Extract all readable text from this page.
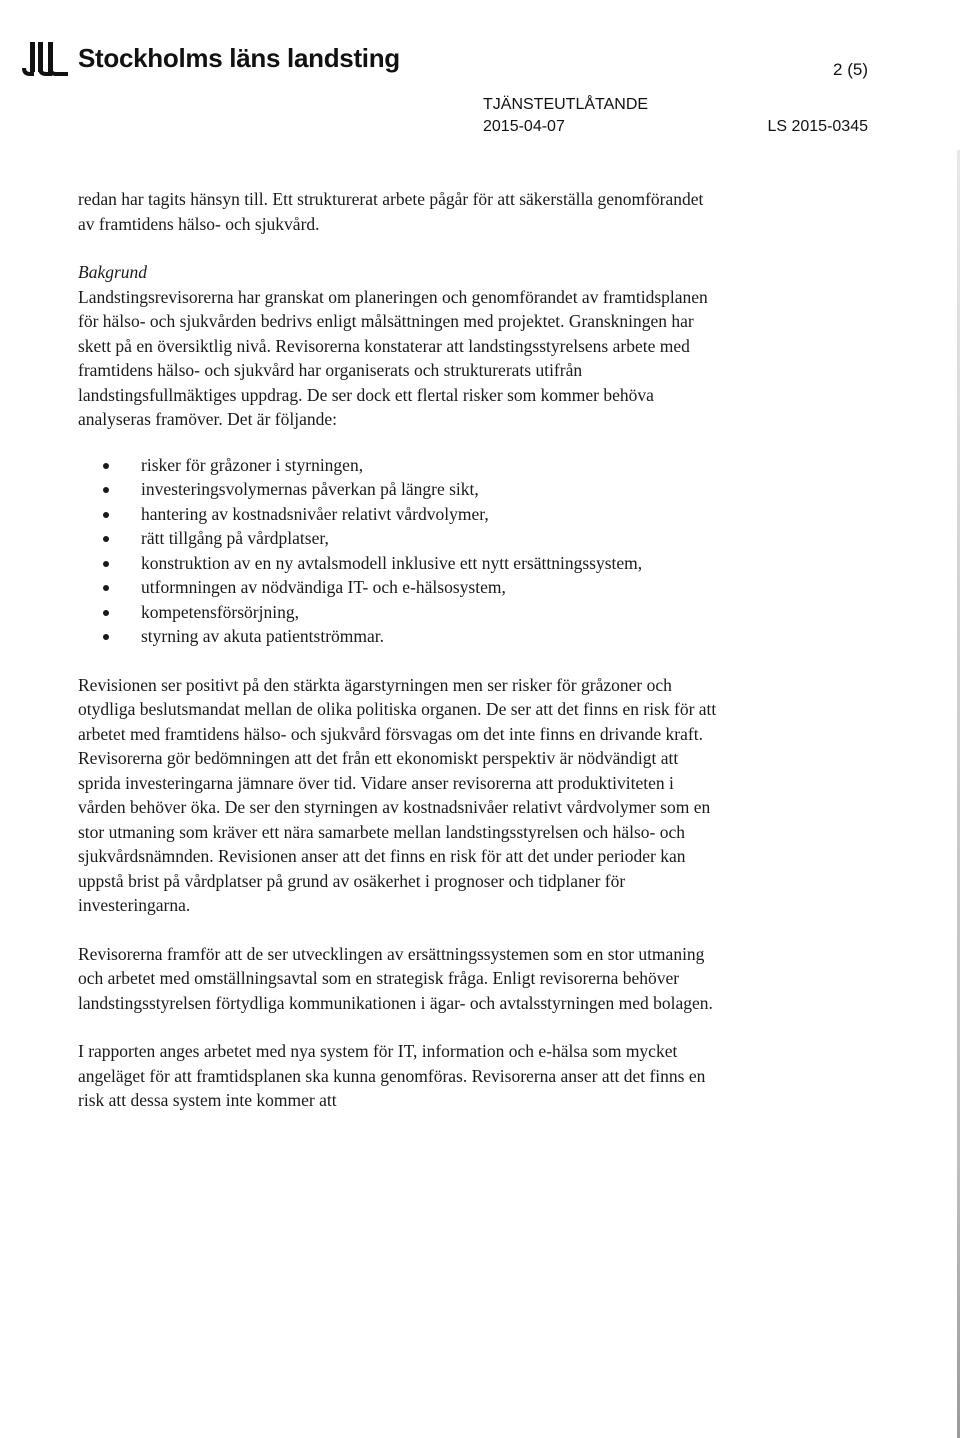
Stockholms läns landsting	2 (5)
TJÄNSTEUTLÅTANDE
2015-04-07	LS 2015-0345

redan har tagits hänsyn till. Ett strukturerat arbete pågår för att säkerställa genomförandet av framtidens hälso- och sjukvård.

Bakgrund

Landstingsrevisorerna har granskat om planeringen och genomförandet av framtidsplanen för hälso- och sjukvården bedrivs enligt målsättningen med projektet. Granskningen har skett på en översiktlig nivå. Revisorerna konstaterar att landstingsstyrelsens arbete med framtidens hälso- och sjukvård har organiserats och strukturerats utifrån landstingsfullmäktiges uppdrag. De ser dock ett flertal risker som kommer behöva analyseras framöver. Det är följande:

risker för gråzoner i styrningen,
investeringsvolymernas påverkan på längre sikt,
hantering av kostnadsnivåer relativt vårdvolymer,
rätt tillgång på vårdplatser,
konstruktion av en ny avtalsmodell inklusive ett nytt ersättningssystem,
utformningen av nödvändiga IT- och e-hälsosystem,
kompetensförsörjning,
styrning av akuta patientströmmar.

Revisionen ser positivt på den stärkta ägarstyrningen men ser risker för gråzoner och otydliga beslutsmandat mellan de olika politiska organen. De ser att det finns en risk för att arbetet med framtidens hälso- och sjukvård försvagas om det inte finns en drivande kraft. Revisorerna gör bedömningen att det från ett ekonomiskt perspektiv är nödvändigt att sprida investeringarna jämnare över tid. Vidare anser revisorerna att produktiviteten i vården behöver öka. De ser den styrningen av kostnadsnivåer relativt vårdvolymer som en stor utmaning som kräver ett nära samarbete mellan landstingsstyrelsen och hälso- och sjukvårdsnämnden. Revisionen anser att det finns en risk för att det under perioder kan uppstå brist på vårdplatser på grund av osäkerhet i prognoser och tidplaner för investeringarna.

Revisorerna framför att de ser utvecklingen av ersättningssystemen som en stor utmaning och arbetet med omställningsavtal som en strategisk fråga. Enligt revisorerna behöver landstingsstyrelsen förtydliga kommunikationen i ägar- och avtalsstyrningen med bolagen.

I rapporten anges arbetet med nya system för IT, information och e-hälsa som mycket angeläget för att framtidsplanen ska kunna genomföras. Revisorerna anser att det finns en risk att dessa system inte kommer att
